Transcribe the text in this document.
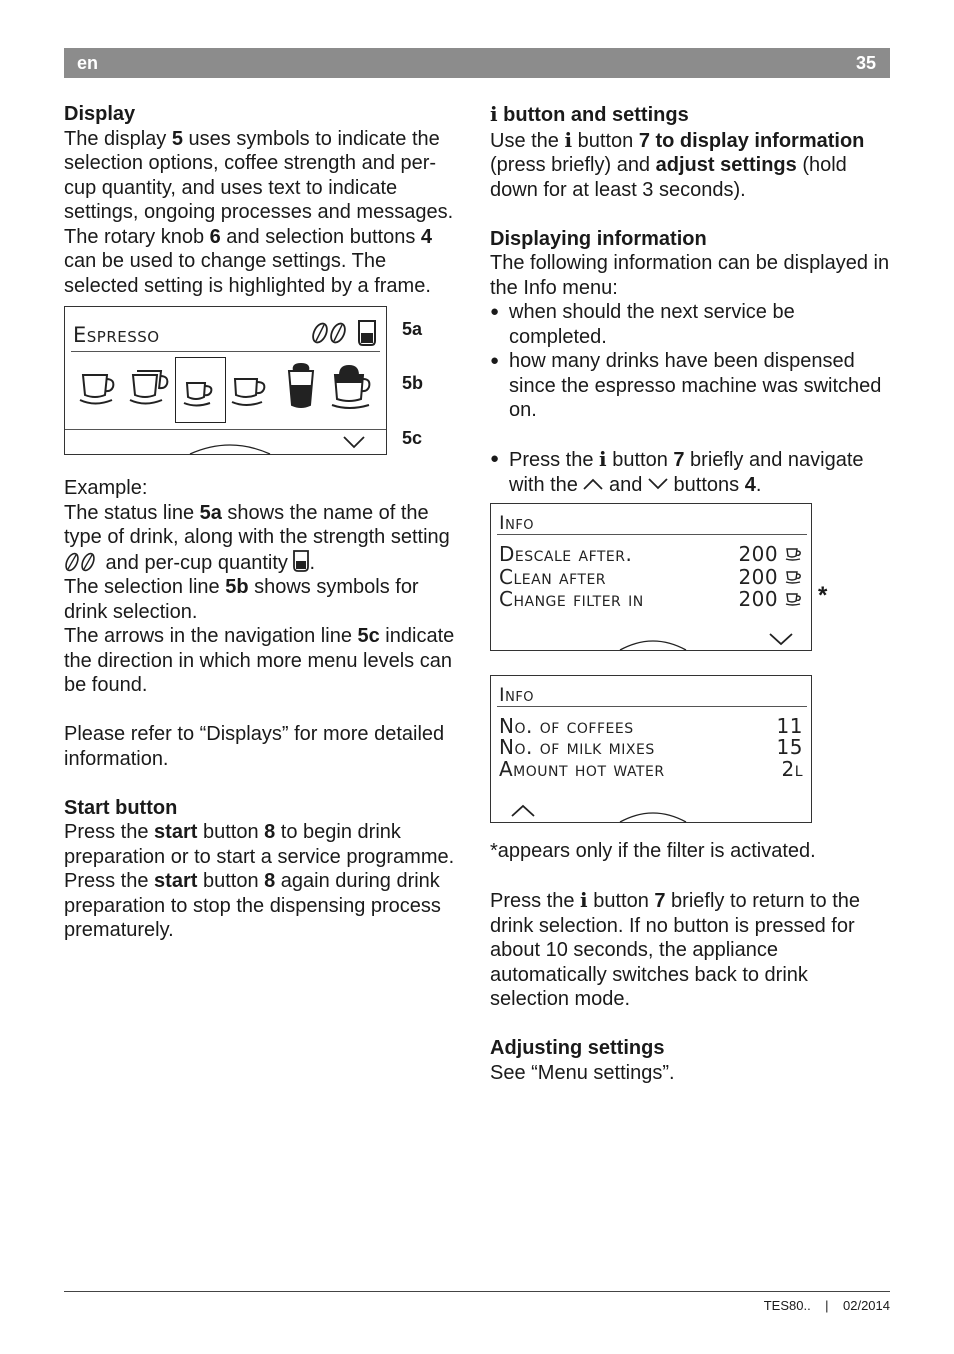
en	35
Display

The display 5 uses symbols to indicate the selection options, coffee strength and per-cup quantity, and uses text to indicate settings, ongoing processes and messages. The rotary knob 6 and selection buttons 4 can be used to change settings. The selected setting is highlighted by a frame.

Example:

The status line 5a shows the name of the type of drink, along with the strength setting  and per-cup quantity .

The selection line 5b shows symbols for drink selection.

The arrows in the navigation line 5c indicate the direction in which more menu levels can be found.

Please refer to “Displays” for more detailed information.

Start button

Press the start button 8 to begin drink preparation or to start a service programme.

Press the start button 8 again during drink preparation to stop the dispensing process prematurely.

Espresso	5a
5b
5c
i button and settings

Use the i button 7 to display information (press briefly) and adjust settings (hold down for at least 3 seconds).

Displaying information

The following information can be displayed in the Info menu:

● when should the next service be completed.
● how many drinks have been dispensed since the espresso machine was switched on.
● Press the i button 7 briefly and navigate with the  and  buttons 4.
Info
Descale after.	200
Clean after	200
Change filter in	200	*
Info
No. of coffees	11
No. of milk mixes	15
Amount hot water	2l

*appears only if the filter is activated.

Press the i button 7 briefly to return to the drink selection. If no button is pressed for about 10 seconds, the appliance automatically switches back to drink selection mode.

Adjusting settings

See “Menu settings”.

TES80.. | 02/2014
